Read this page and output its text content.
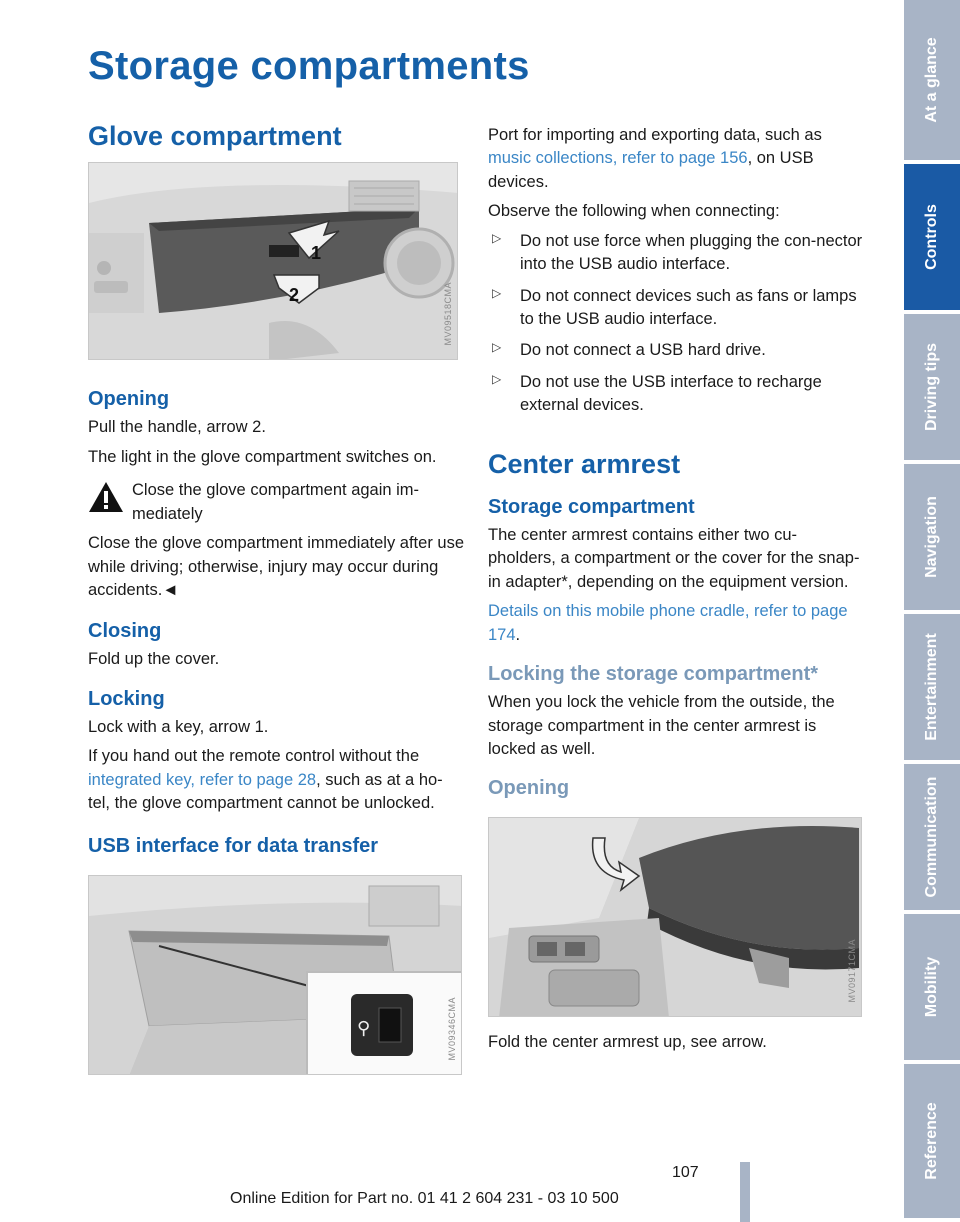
Storage compartments
Glove compartment
1
2	MV09518CMA
Opening

Pull the handle, arrow 2.

The light in the glove compartment switches on.

Close the glove compartment again im-mediately

Close the glove compartment immediately after use while driving; otherwise, injury may occur during accidents.◄

Closing

Fold up the cover.

Locking

Lock with a key, arrow 1.

If you hand out the remote control without the integrated key, refer to page 28, such as at a ho-tel, the glove compartment cannot be unlocked.

USB interface for data transfer
⚲	MV09346CMA

Port for importing and exporting data, such as music collections, refer to page 156, on USB devices.

Observe the following when connecting:

▷ Do not use force when plugging the con-nector into the USB audio interface.
▷ Do not connect devices such as fans or lamps to the USB audio interface.
▷ Do not connect a USB hard drive.
▷ Do not use the USB interface to recharge external devices.
Center armrest
Storage compartment

The center armrest contains either two cu-pholders, a compartment or the cover for the snap-in adapter*, depending on the equipment version.

Details on this mobile phone cradle, refer to page 174.

Locking the storage compartment*

When you lock the vehicle from the outside, the storage compartment in the center armrest is locked as well.

Opening
MV09171CMA

Fold the center armrest up, see arrow.

At a glance
Controls
Driving tips
Navigation
Entertainment
Communication
Mobility
Reference
107
Online Edition for Part no. 01 41 2 604 231 - 03 10 500
